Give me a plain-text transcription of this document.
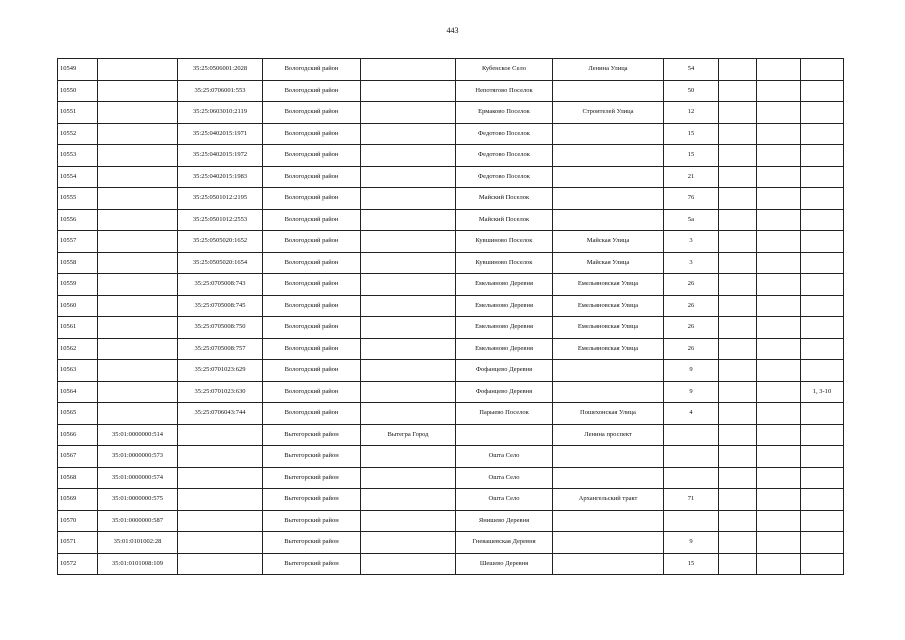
443
10549		35:25:0506001:2028	Вологодский район		Кубенское Село	Ленина Улица	54			
10550		35:25:0706001:553	Вологодский район		Непотягово Поселок		50			
10551		35:25:0603010:2119	Вологодский район		Ермаково Поселок	Строителей Улица	12			
10552		35:25:0402015:1971	Вологодский район		Федотово Поселок		15			
10553		35:25:0402015:1972	Вологодский район		Федотово Поселок		15			
10554		35:25:0402015:1983	Вологодский район		Федотово Поселок		21			
10555		35:25:0501012:2195	Вологодский район		Майский Поселок		76			
10556		35:25:0501012:2553	Вологодский район		Майский Поселок		5а			
10557		35:25:0505020:1652	Вологодский район		Кувшиново Поселок	Майская Улица	3			
10558		35:25:0505020:1654	Вологодский район		Кувшиново Поселок	Майская Улица	3			
10559		35:25:0705008:743	Вологодский район		Емельяново Деревня	Емельяновская Улица	26			
10560		35:25:0705008:745	Вологодский район		Емельяново Деревня	Емельяновская Улица	26			
10561		35:25:0705008:750	Вологодский район		Емельяново Деревня	Емельяновская Улица	26			
10562		35:25:0705008:757	Вологодский район		Емельяново Деревня	Емельяновская Улица	26			
10563		35:25:0701023:629	Вологодский район		Фофанцево Деревня		9			
10564		35:25:0701023:630	Вологодский район		Фофанцево Деревня		9			1, 3-10
10565		35:25:0706043:744	Вологодский район		Парыево Поселок	Пошехонская Улица	4			
10566	35:01:0000000:514		Вытегорский район	Вытегра Город		Ленина проспект				
10567	35:01:0000000:573		Вытегорский район		Оштa Село					
10568	35:01:0000000:574		Вытегорский район		Ошта Село					
10569	35:01:0000000:575		Вытегорский район		Ошта Село	Архангельский тракт	71			
10570	35:01:0000000:587		Вытегорский район		Янишево Деревня					
10571	35:01:0101002:28		Вытегорский район		Гневашевская Деревня		9			
10572	35:01:0101008:109		Вытегорский район		Шешево Деревня		15			
